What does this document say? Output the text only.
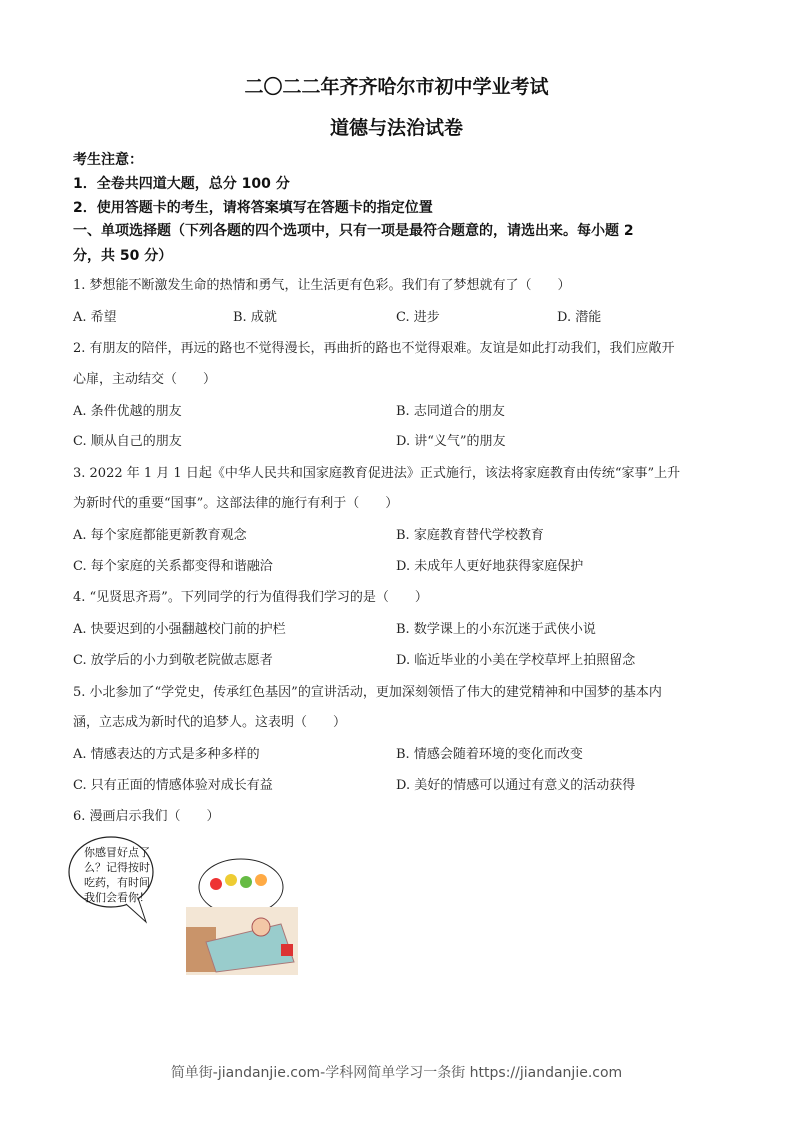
二〇二二年齐齐哈尔市初中学业考试
道德与法治试卷
考生注意：
1．全卷共四道大题，总分 100 分
2．使用答题卡的考生，请将答案填写在答题卡的指定位置
一、单项选择题（下列各题的四个选项中，只有一项是最符合题意的，请选出来。每小题 2
分，共 50 分）
1. 梦想能不断激发生命的热情和勇气，让生活更有色彩。我们有了梦想就有了（　　）
A. 希望	B. 成就	C. 进步	D. 潜能
2. 有朋友的陪伴，再远的路也不觉得漫长，再曲折的路也不觉得艰难。友谊是如此打动我们，我们应敞开
心扉，主动结交（　　）
A. 条件优越的朋友	B. 志同道合的朋友
C. 顺从自己的朋友	D. 讲“义气”的朋友
3. 2022 年 1 月 1 日起《中华人民共和国家庭教育促进法》正式施行，该法将家庭教育由传统“家事”上升
为新时代的重要“国事”。这部法律的施行有利于（　　）
A. 每个家庭都能更新教育观念	B. 家庭教育替代学校教育
C. 每个家庭的关系都变得和谐融洽	D. 未成年人更好地获得家庭保护
4. “见贤思齐焉”。下列同学的行为值得我们学习的是（　　）
A. 快要迟到的小强翻越校门前的护栏	B. 数学课上的小东沉迷于武侠小说
C. 放学后的小力到敬老院做志愿者	D. 临近毕业的小美在学校草坪上拍照留念
5. 小北参加了“学党史，传承红色基因”的宣讲活动，更加深刻领悟了伟大的建党精神和中国梦的基本内
涵，立志成为新时代的追梦人。这表明（　　）
A. 情感表达的方式是多种多样的	B. 情感会随着环境的变化而改变
C. 只有正面的情感体验对成长有益	D. 美好的情感可以通过有意义的活动获得
6. 漫画启示我们（　　）
你感冒好点了 么？记得按时 吃药，有时间 我们会看你！
简单街-jiandanjie.com-学科网简单学习一条街 https://jiandanjie.com
